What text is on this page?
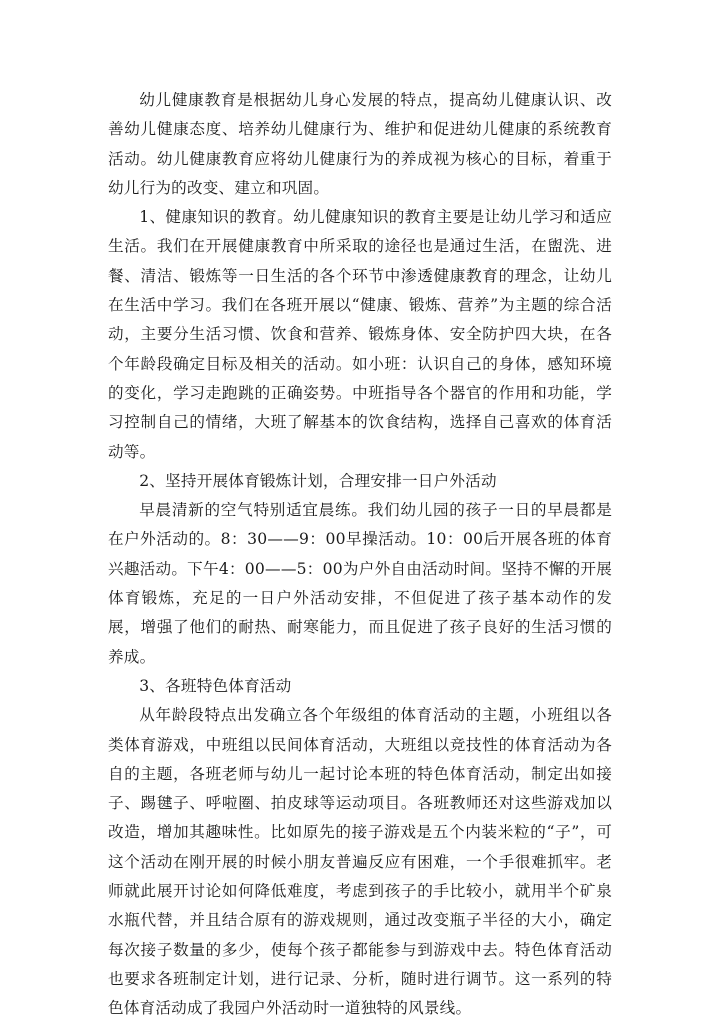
幼儿健康教育是根据幼儿身心发展的特点，提高幼儿健康认识、改善幼儿健康态度、培养幼儿健康行为、维护和促进幼儿健康的系统教育活动。幼儿健康教育应将幼儿健康行为的养成视为核心的目标，着重于幼儿行为的改变、建立和巩固。

1、健康知识的教育。幼儿健康知识的教育主要是让幼儿学习和适应生活。我们在开展健康教育中所采取的途径也是通过生活，在盥洗、进餐、清洁、锻炼等一日生活的各个环节中渗透健康教育的理念，让幼儿在生活中学习。我们在各班开展以“健康、锻炼、营养”为主题的综合活动，主要分生活习惯、饮食和营养、锻炼身体、安全防护四大块，在各个年龄段确定目标及相关的活动。如小班：认识自己的身体，感知环境的变化，学习走跑跳的正确姿势。中班指导各个器官的作用和功能，学习控制自己的情绪，大班了解基本的饮食结构，选择自己喜欢的体育活动等。

2、坚持开展体育锻炼计划，合理安排一日户外活动

早晨清新的空气特别适宜晨练。我们幼儿园的孩子一日的早晨都是在户外活动的。8：30——9：00早操活动。10：00后开展各班的体育兴趣活动。下午4：00——5：00为户外自由活动时间。坚持不懈的开展体育锻炼，充足的一日户外活动安排，不但促进了孩子基本动作的发展，增强了他们的耐热、耐寒能力，而且促进了孩子良好的生活习惯的养成。

3、各班特色体育活动

从年龄段特点出发确立各个年级组的体育活动的主题，小班组以各类体育游戏，中班组以民间体育活动，大班组以竞技性的体育活动为各自的主题，各班老师与幼儿一起讨论本班的特色体育活动，制定出如接子、踢毽子、呼啦圈、拍皮球等运动项目。各班教师还对这些游戏加以改造，增加其趣味性。比如原先的接子游戏是五个内装米粒的“子”，可这个活动在刚开展的时候小朋友普遍反应有困难，一个手很难抓牢。老师就此展开讨论如何降低难度，考虑到孩子的手比较小，就用半个矿泉水瓶代替，并且结合原有的游戏规则，通过改变瓶子半径的大小，确定每次接子数量的多少，使每个孩子都能参与到游戏中去。特色体育活动也要求各班制定计划，进行记录、分析，随时进行调节。这一系列的特色体育活动成了我园户外活动时一道独特的风景线。
